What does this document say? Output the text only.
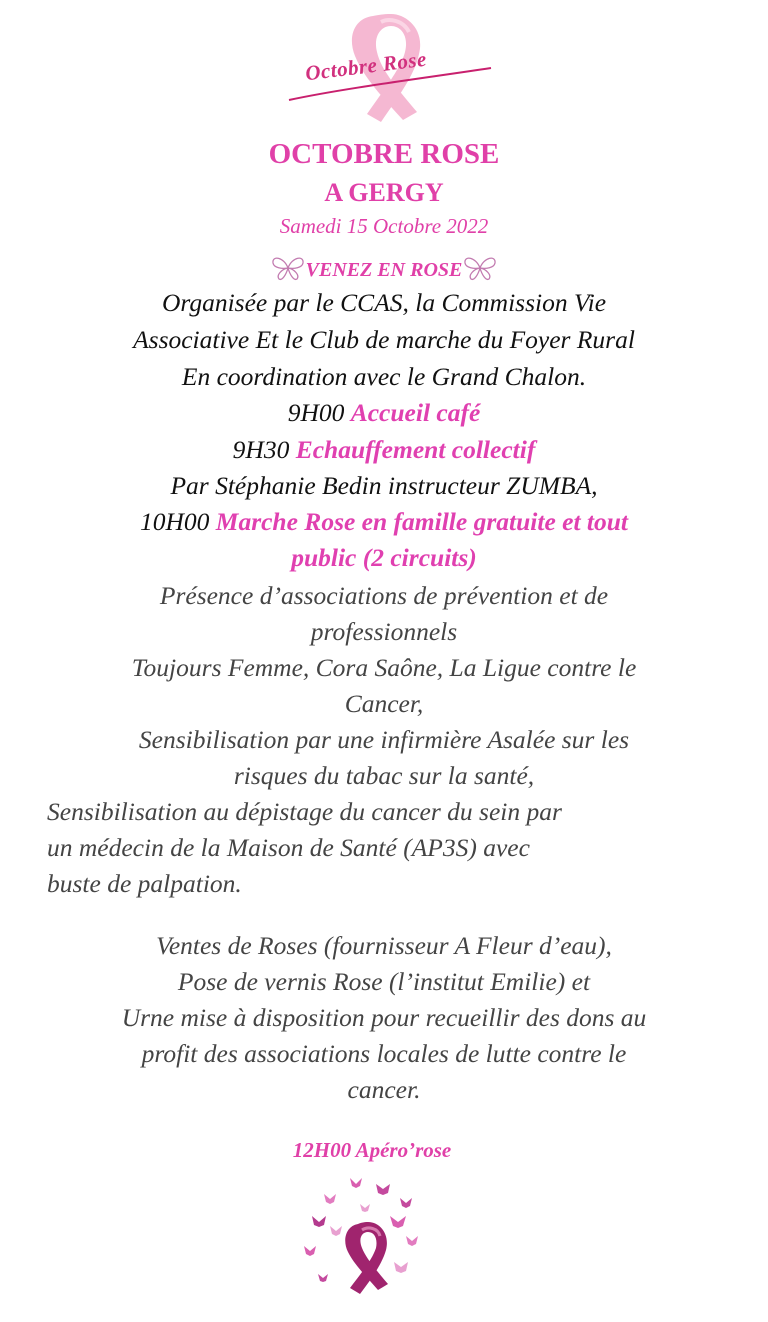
Octobre Rose
OCTOBRE ROSE
A GERGY
Samedi 15 Octobre 2022
VENEZ EN ROSE
Organisée par le CCAS, la Commission Vie
Associative Et le Club de marche du Foyer Rural
En coordination avec le Grand Chalon.
9H00 Accueil café
9H30 Echauffement collectif
Par Stéphanie Bedin instructeur ZUMBA,
10H00 Marche Rose en famille gratuite et tout
public (2 circuits)
Présence d’associations de prévention et de
professionnels
Toujours Femme, Cora Saône, La Ligue contre le
Cancer,
Sensibilisation par une infirmière Asalée sur les
risques du tabac sur la santé,
Sensibilisation au dépistage du cancer du sein par
un médecin de la Maison de Santé (AP3S) avec
buste de palpation.
Ventes de Roses (fournisseur A Fleur d’eau),
Pose de vernis Rose (l’institut Emilie) et
Urne mise à disposition pour recueillir des dons au
profit des associations locales de lutte contre le
cancer.
12H00 Apéro’rose
